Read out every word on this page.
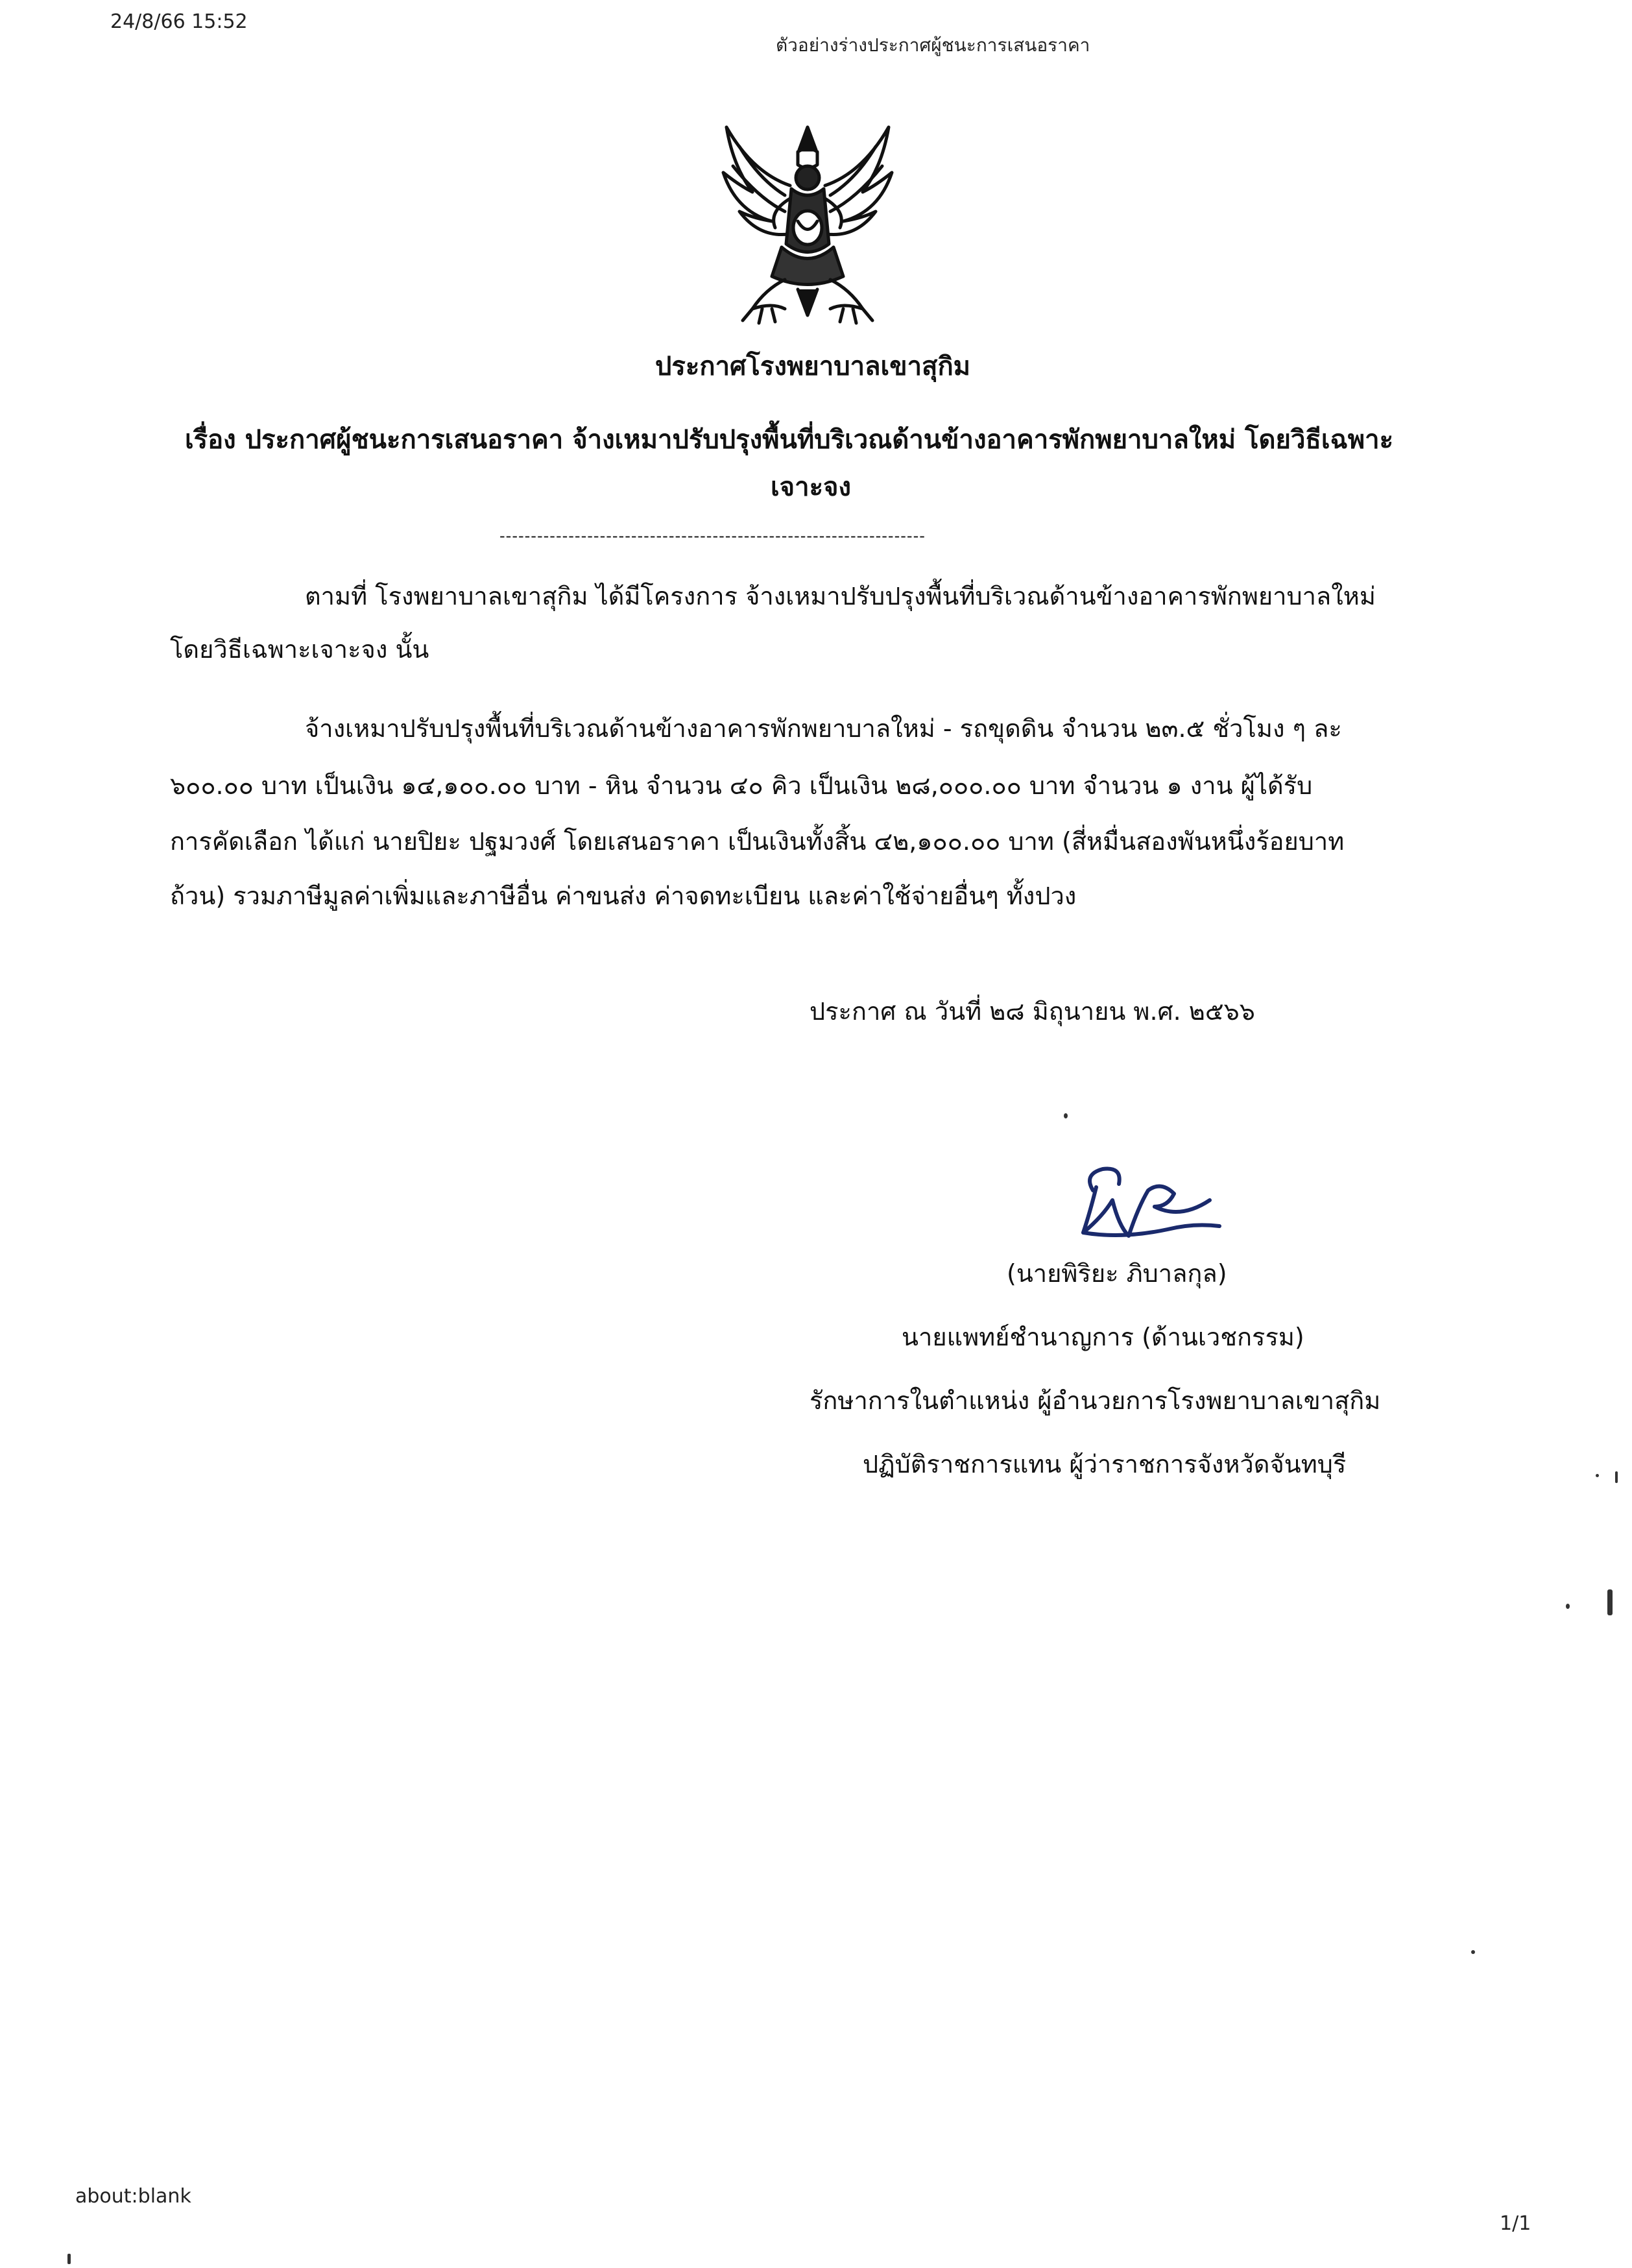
24/8/66 15:52
ตัวอย่างร่างประกาศผู้ชนะการเสนอราคา
ประกาศโรงพยาบาลเขาสุกิม
เรื่อง ประกาศผู้ชนะการเสนอราคา จ้างเหมาปรับปรุงพื้นที่บริเวณด้านข้างอาคารพักพยาบาลใหม่ โดยวิธีเฉพาะ
เจาะจง
--------------------------------------------------------------------
ตามที่ โรงพยาบาลเขาสุกิม ได้มีโครงการ จ้างเหมาปรับปรุงพื้นที่บริเวณด้านข้างอาคารพักพยาบาลใหม่
โดยวิธีเฉพาะเจาะจง นั้น
จ้างเหมาปรับปรุงพื้นที่บริเวณด้านข้างอาคารพักพยาบาลใหม่ - รถขุดดิน จำนวน ๒๓.๕ ชั่วโมง ๆ ละ
๖๐๐.๐๐ บาท เป็นเงิน ๑๔,๑๐๐.๐๐ บาท - หิน จำนวน ๔๐ คิว เป็นเงิน ๒๘,๐๐๐.๐๐ บาท จำนวน ๑ งาน ผู้ได้รับ
การคัดเลือก ได้แก่ นายปิยะ ปฐมวงศ์ โดยเสนอราคา เป็นเงินทั้งสิ้น ๔๒,๑๐๐.๐๐ บาท (สี่หมื่นสองพันหนึ่งร้อยบาท
ถ้วน) รวมภาษีมูลค่าเพิ่มและภาษีอื่น ค่าขนส่ง ค่าจดทะเบียน และค่าใช้จ่ายอื่นๆ ทั้งปวง
ประกาศ ณ วันที่ ๒๘ มิถุนายน พ.ศ. ๒๕๖๖
(นายพิริยะ ภิบาลกุล)
นายแพทย์ชำนาญการ (ด้านเวชกรรม)
รักษาการในตำแหน่ง ผู้อำนวยการโรงพยาบาลเขาสุกิม
ปฏิบัติราชการแทน ผู้ว่าราชการจังหวัดจันทบุรี
about:blank
1/1
